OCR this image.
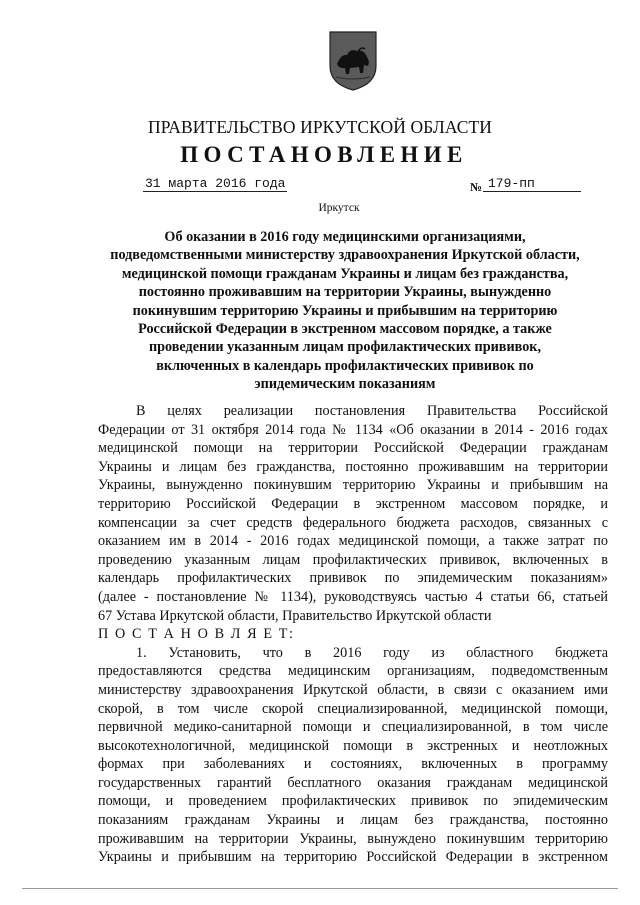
ПРАВИТЕЛЬСТВО ИРКУТСКОЙ ОБЛАСТИ
ПОСТАНОВЛЕНИЕ
31 марта 2016 года	№ 179-пп
Иркутск
Об оказании в 2016 году медицинскими организациями,
подведомственными министерству здравоохранения Иркутской области,
медицинской помощи гражданам Украины и лицам без гражданства,
постоянно проживавшим на территории Украины, вынужденно
покинувшим территорию Украины и прибывшим на территорию
Российской Федерации в экстренном массовом порядке, а также
проведении указанным лицам профилактических прививок,
включенных в календарь профилактических прививок по
эпидемическим показаниям
В целях реализации постановления Правительства Российской
Федерации от 31 октября 2014 года № 1134 «Об оказании в 2014 - 2016 годах
медицинской помощи на территории Российской Федерации гражданам
Украины и лицам без гражданства, постоянно проживавшим на территории
Украины, вынужденно покинувшим территорию Украины и прибывшим на
территорию Российской Федерации в экстренном массовом порядке, и
компенсации за счет средств федерального бюджета расходов, связанных с
оказанием им в 2014 - 2016 годах медицинской помощи, а также затрат по
проведению указанным лицам профилактических прививок, включенных в
календарь профилактических прививок по эпидемическим показаниям»
(далее - постановление № 1134), руководствуясь частью 4 статьи 66, статьей
67 Устава Иркутской области, Правительство Иркутской области
П О С Т А Н О В Л Я Е Т:
1. Установить, что в 2016 году из областного бюджета
предоставляются средства медицинским организациям, подведомственным
министерству здравоохранения Иркутской области, в связи с оказанием ими
скорой, в том числе скорой специализированной, медицинской помощи,
первичной медико-санитарной помощи и специализированной, в том числе
высокотехнологичной, медицинской помощи в экстренных и неотложных
формах при заболеваниях и состояниях, включенных в программу
государственных гарантий бесплатного оказания гражданам медицинской
помощи, и проведением профилактических прививок по эпидемическим
показаниям гражданам Украины и лицам без гражданства, постоянно
проживавшим на территории Украины, вынуждено покинувшим территорию
Украины и прибывшим на территорию Российской Федерации в экстренном
